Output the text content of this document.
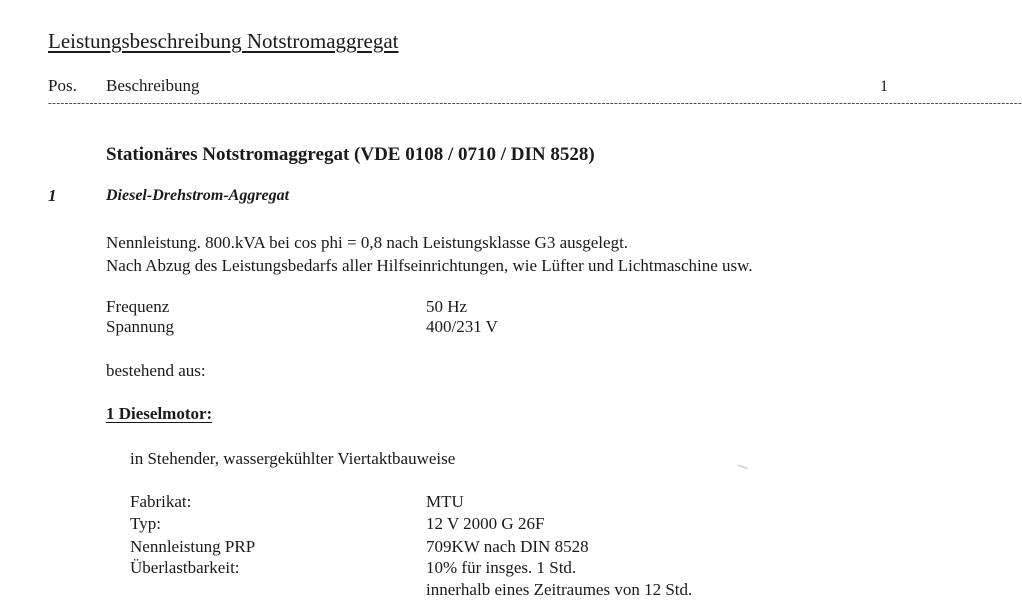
Leistungsbeschreibung Notstromaggregat
Pos. Beschreibung	1
------------------------------------------------------------------------------------------------------------------------------------------------------------------------------------------------------------------------------------------
Stationäres Notstromaggregat (VDE 0108 / 0710 / DIN 8528)
1	Diesel-Drehstrom-Aggregat
Nennleistung. 800.kVA bei cos phi = 0,8 nach Leistungsklasse G3 ausgelegt.
Nach Abzug des Leistungsbedarfs aller Hilfseinrichtungen, wie Lüfter und Lichtmaschine usw.
Frequenz	50 Hz
Spannung	400/231 V
bestehend aus:
1 Dieselmotor:
in Stehender, wassergekühlter Viertaktbauweise
Fabrikat:	MTU
Typ:	12 V 2000 G 26F
Nennleistung PRP	709KW nach DIN 8528
Überlastbarkeit:	10% für insges. 1 Std.
innerhalb eines Zeitraumes von 12 Std.
